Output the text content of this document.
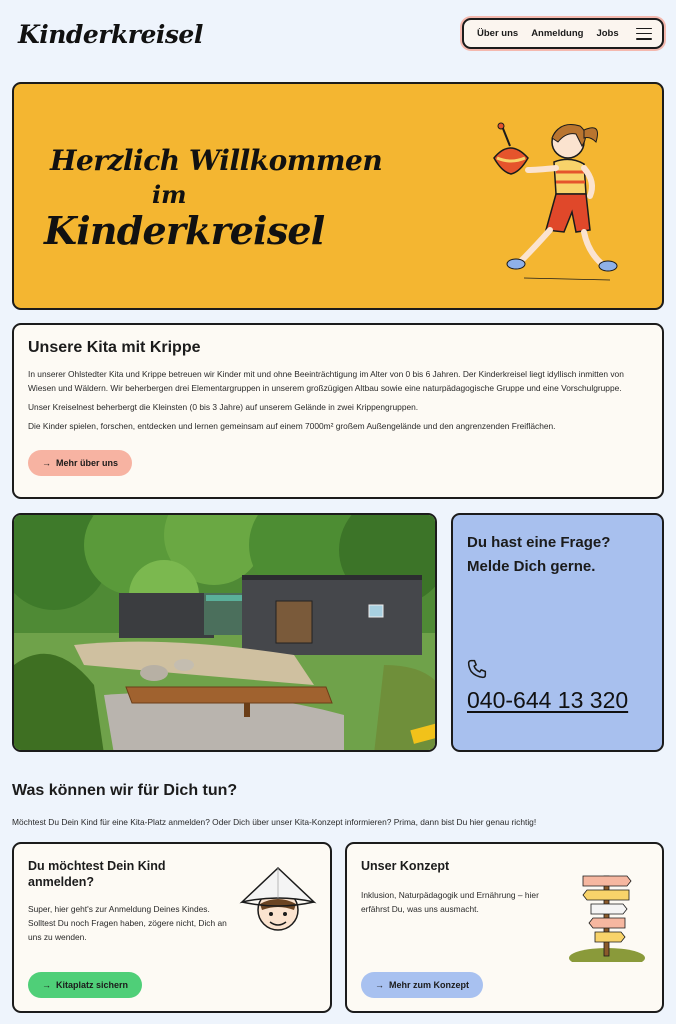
Kinderkreisel	Über uns Anmeldung Jobs
Herzlich Willkommen
im
Kinderkreisel
Unsere Kita mit Krippe

In unserer Ohlstedter Kita und Krippe betreuen wir Kinder mit und ohne Beeinträchtigung im Alter von 0 bis 6 Jahren. Der Kinderkreisel liegt idyllisch inmitten von Wiesen und Wäldern. Wir beherbergen drei Elementargruppen in unserem großzügigen Altbau sowie eine naturpädagogische Gruppe und eine Vorschulgruppe.

Unser Kreiselnest beherbergt die Kleinsten (0 bis 3 Jahre) auf unserem Gelände in zwei Krippengruppen.

Die Kinder spielen, forschen, entdecken und lernen gemeinsam auf einem 7000m² großem Außengelände und den angrenzenden Freiflächen.

→ Mehr über uns
Du hast eine Frage?
Melde Dich gerne.
040-644 13 320
Was können wir für Dich tun?

Möchtest Du Dein Kind für eine Kita-Platz anmelden? Oder Dich über unser Kita-Konzept informieren? Prima, dann bist Du hier genau richtig!

Du möchtest Dein Kind anmelden?

Super, hier geht's zur Anmeldung Deines Kindes. Solltest Du noch Fragen haben, zögere nicht, Dich an uns zu wenden.

→ Kitaplatz sichern
Unser Konzept

Inklusion, Naturpädagogik und Ernährung – hier erfährst Du, was uns ausmacht.

→ Mehr zum Konzept
